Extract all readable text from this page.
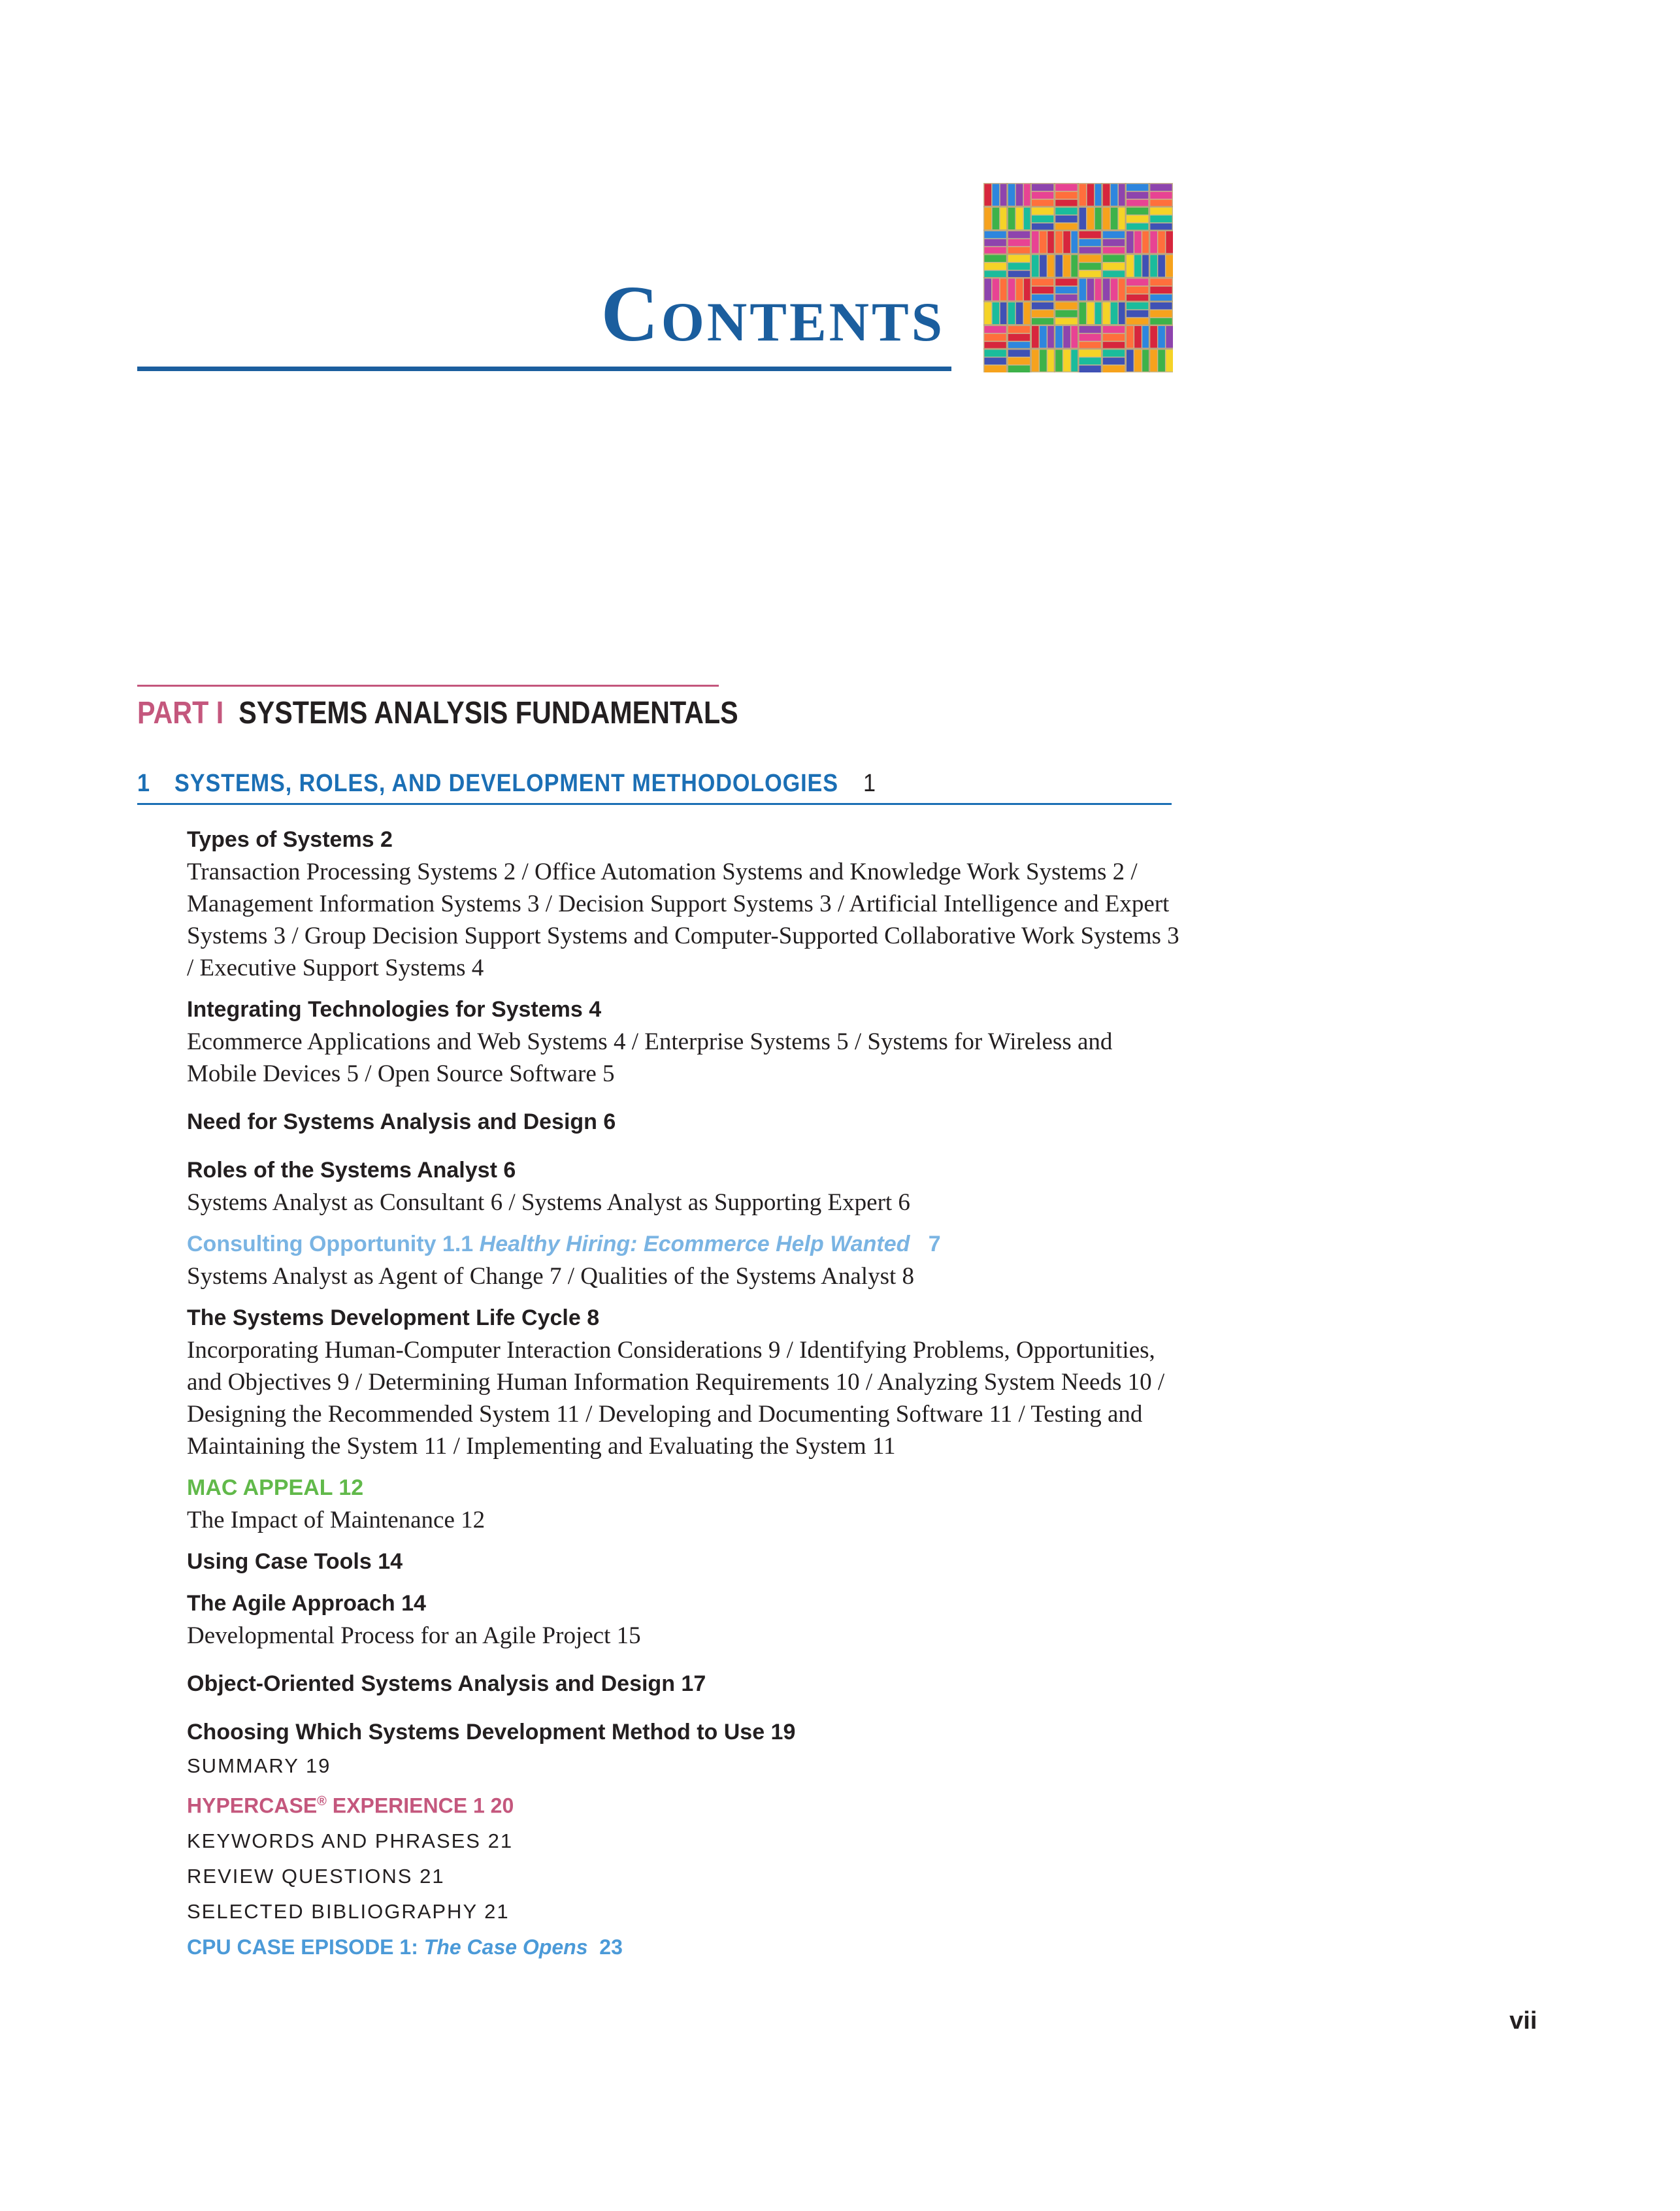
Contents
PART I SYSTEMS ANALYSIS FUNDAMENTALS
1 SYSTEMS, ROLES, AND DEVELOPMENT METHODOLOGIES 1
Types of Systems 2
Transaction Processing Systems 2 / Office Automation Systems and Knowledge Work Systems 2 / Management Information Systems 3 / Decision Support Systems 3 / Artificial Intelligence and Expert Systems 3 / Group Decision Support Systems and Computer-Supported Collaborative Work Systems 3 / Executive Support Systems 4
Integrating Technologies for Systems 4
Ecommerce Applications and Web Systems 4 / Enterprise Systems 5 / Systems for Wireless and Mobile Devices 5 / Open Source Software 5
Need for Systems Analysis and Design 6
Roles of the Systems Analyst 6
Systems Analyst as Consultant 6 / Systems Analyst as Supporting Expert 6
Consulting Opportunity 1.1 Healthy Hiring: Ecommerce Help Wanted 7
Systems Analyst as Agent of Change 7 / Qualities of the Systems Analyst 8
The Systems Development Life Cycle 8
Incorporating Human-Computer Interaction Considerations 9 / Identifying Problems, Opportunities, and Objectives 9 / Determining Human Information Requirements 10 / Analyzing System Needs 10 / Designing the Recommended System 11 / Developing and Documenting Software 11 / Testing and Maintaining the System 11 / Implementing and Evaluating the System 11
MAC APPEAL 12
The Impact of Maintenance 12
Using Case Tools 14
The Agile Approach 14
Developmental Process for an Agile Project 15
Object-Oriented Systems Analysis and Design 17
Choosing Which Systems Development Method to Use 19
SUMMARY 19
HYPERCASE® EXPERIENCE 1 20
KEYWORDS AND PHRASES 21
REVIEW QUESTIONS 21
SELECTED BIBLIOGRAPHY 21
CPU CASE EPISODE 1: The Case Opens 23
vii
